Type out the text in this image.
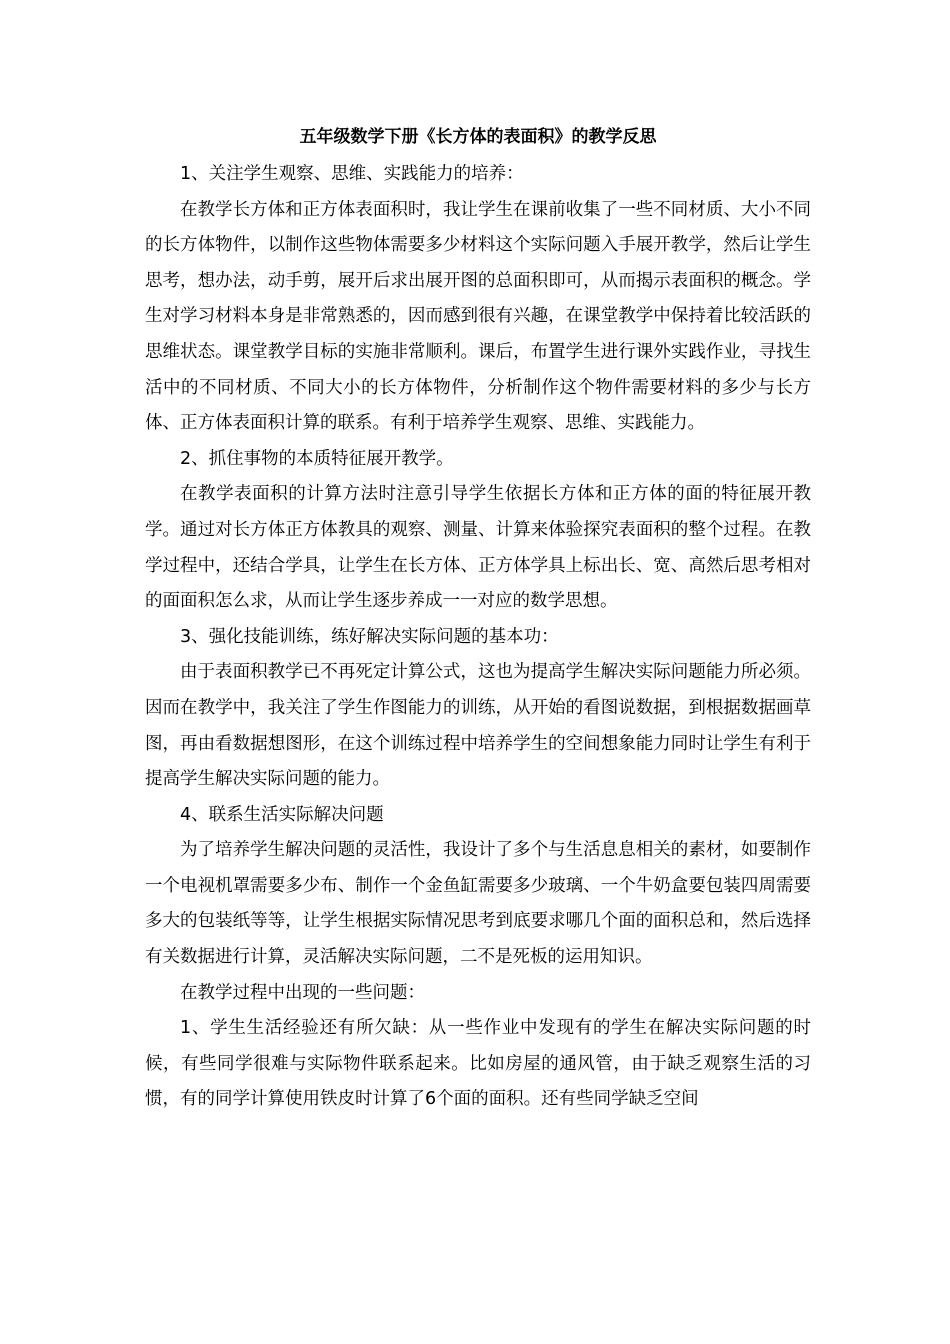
五年级数学下册《长方体的表面积》的教学反思

1、关注学生观察、思维、实践能力的培养：

在教学长方体和正方体表面积时，我让学生在课前收集了一些不同材质、大小不同的长方体物件，以制作这些物体需要多少材料这个实际问题入手展开教学，然后让学生思考，想办法，动手剪，展开后求出展开图的总面积即可，从而揭示表面积的概念。学生对学习材料本身是非常熟悉的，因而感到很有兴趣，在课堂教学中保持着比较活跃的思维状态。课堂教学目标的实施非常顺利。课后，布置学生进行课外实践作业，寻找生活中的不同材质、不同大小的长方体物件，分析制作这个物件需要材料的多少与长方体、正方体表面积计算的联系。有利于培养学生观察、思维、实践能力。

2、抓住事物的本质特征展开教学。

在教学表面积的计算方法时注意引导学生依据长方体和正方体的面的特征展开教学。通过对长方体正方体教具的观察、测量、计算来体验探究表面积的整个过程。在教学过程中，还结合学具，让学生在长方体、正方体学具上标出长、宽、高然后思考相对的面面积怎么求，从而让学生逐步养成一一对应的数学思想。

3、强化技能训练，练好解决实际问题的基本功：

由于表面积教学已不再死定计算公式，这也为提高学生解决实际问题能力所必须。因而在教学中，我关注了学生作图能力的训练，从开始的看图说数据，到根据数据画草图，再由看数据想图形，在这个训练过程中培养学生的空间想象能力同时让学生有利于提高学生解决实际问题的能力。

4、联系生活实际解决问题

为了培养学生解决问题的灵活性，我设计了多个与生活息息相关的素材，如要制作一个电视机罩需要多少布、制作一个金鱼缸需要多少玻璃、一个牛奶盒要包装四周需要多大的包装纸等等，让学生根据实际情况思考到底要求哪几个面的面积总和，然后选择有关数据进行计算，灵活解决实际问题，二不是死板的运用知识。

在教学过程中出现的一些问题：

1、学生生活经验还有所欠缺：从一些作业中发现有的学生在解决实际问题的时候，有些同学很难与实际物件联系起来。比如房屋的通风管，由于缺乏观察生活的习惯，有的同学计算使用铁皮时计算了6个面的面积。还有些同学缺乏空间
